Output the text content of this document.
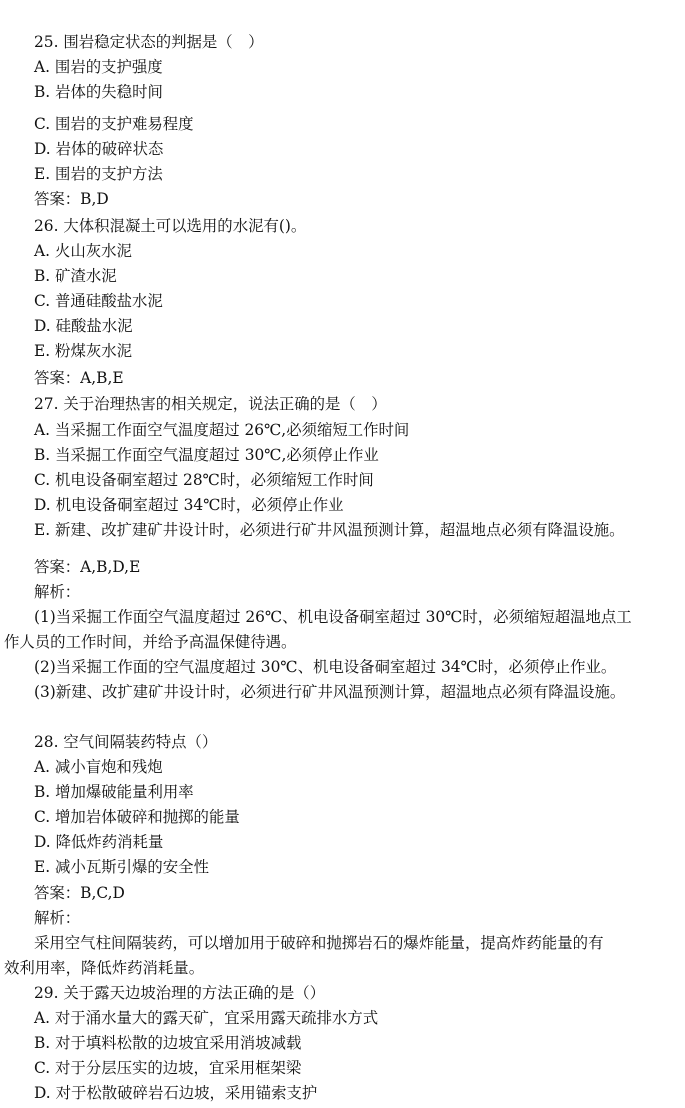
25. 围岩稳定状态的判据是（　）
A. 围岩的支护强度
B. 岩体的失稳时间
C. 围岩的支护难易程度
D. 岩体的破碎状态
E. 围岩的支护方法
答案：B,D
26. 大体积混凝土可以选用的水泥有()。
A. 火山灰水泥
B. 矿渣水泥
C. 普通硅酸盐水泥
D. 硅酸盐水泥
E. 粉煤灰水泥
答案：A,B,E
27. 关于治理热害的相关规定，说法正确的是（　）
A. 当采掘工作面空气温度超过 26℃,必须缩短工作时间
B. 当采掘工作面空气温度超过 30℃,必须停止作业
C. 机电设备硐室超过 28℃时，必须缩短工作时间
D. 机电设备硐室超过 34℃时，必须停止作业
E. 新建、改扩建矿井设计时，必须进行矿井风温预测计算，超温地点必须有降温设施。
答案：A,B,D,E
解析：
(1)当采掘工作面空气温度超过 26℃、机电设备硐室超过 30℃时，必须缩短超温地点工
作人员的工作时间，并给予高温保健待遇。
(2)当采掘工作面的空气温度超过 30℃、机电设备硐室超过 34℃时，必须停止作业。
(3)新建、改扩建矿井设计时，必须进行矿井风温预测计算，超温地点必须有降温设施。
28. 空气间隔装药特点（）
A. 减小盲炮和残炮
B. 增加爆破能量利用率
C. 增加岩体破碎和抛掷的能量
D. 降低炸药消耗量
E. 减小瓦斯引爆的安全性
答案：B,C,D
解析：
采用空气柱间隔装药，可以增加用于破碎和抛掷岩石的爆炸能量，提高炸药能量的有
效利用率，降低炸药消耗量。
29. 关于露天边坡治理的方法正确的是（）
A. 对于涌水量大的露天矿，宜采用露天疏排水方式
B. 对于填料松散的边坡宜采用消坡减载
C. 对于分层压实的边坡，宜采用框架梁
D. 对于松散破碎岩石边坡，采用锚索支护
